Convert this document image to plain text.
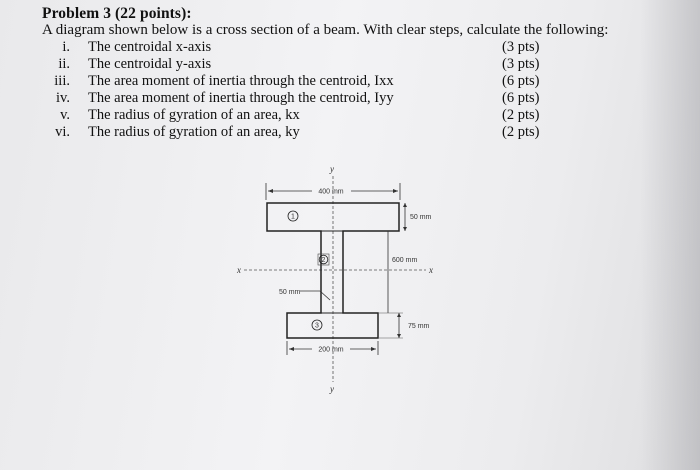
Problem 3 (22 points):
A diagram shown below is a cross section of a beam. With clear steps, calculate the following:
i. The centroidal x-axis	(3 pts)
ii. The centroidal y-axis	(3 pts)
iii. The area moment of inertia through the centroid, Ixx	(6 pts)
iv. The area moment of inertia through the centroid, Iyy	(6 pts)
v. The radius of gyration of an area, kx	(2 pts)
vi. The radius of gyration of an area, ky	(2 pts)
y
y
x	x
1
2
3
400 mm
50 mm
600 mm
50 mm
75 mm
200 mm
